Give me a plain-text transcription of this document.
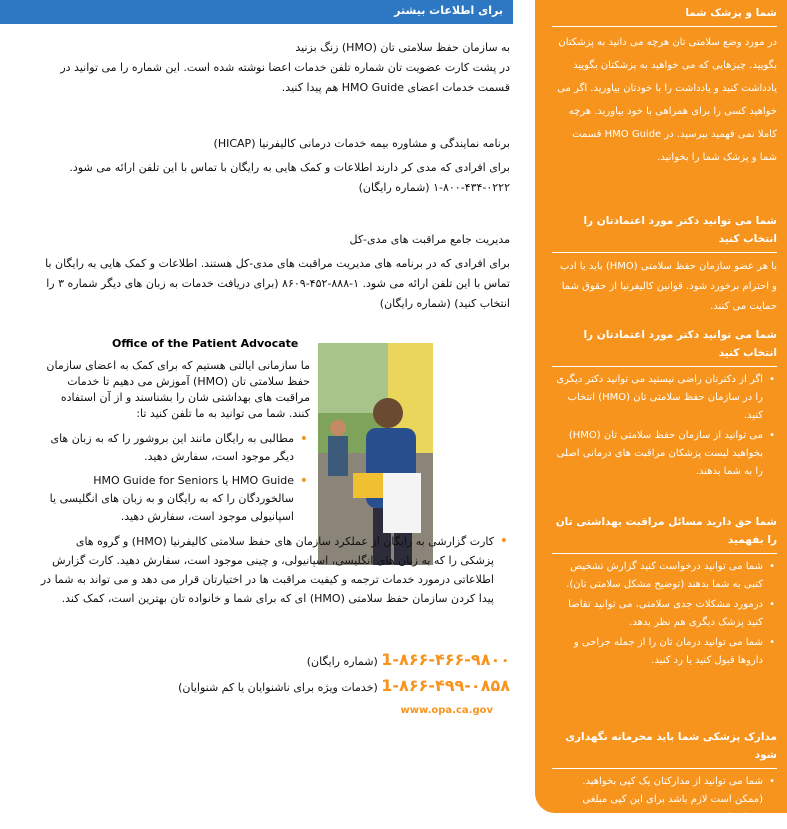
برای اطلاعات بیشتر
به سازمان حفظ سلامتی تان (HMO) زنگ بزنید
در پشت کارت عضویت تان شماره تلفن خدمات اعضا نوشته شده است. این شماره را می توانید در قسمت خدمات اعضای HMO Guide هم پیدا کنید.
برنامه نمایندگی و مشاوره بیمه خدمات درمانی کالیفرنیا (HICAP)
برای افرادی که مدی کر دارند اطلاعات و کمک هایی به رایگان با تماس با این تلفن ارائه می شود.
۱-۸۰۰-۴۳۴-۰۲۲۲ (شماره رایگان)
مدیریت جامع مراقبت های مدی-کل
برای افرادی که در برنامه های مدیریت مراقبت های مدی-کل هستند. اطلاعات و کمک هایی به رایگان با تماس با این تلفن ارائه می شود. ۱-۸۸۸-۴۵۲-۸۶۰۹ (برای دریافت خدمات به زبان های دیگر شماره ۳ را انتخاب کنید) (شماره رایگان)
Office of the Patient Advocate
ما سازمانی ایالتی هستیم که برای کمک به اعضای سازمان حفظ سلامتی تان (HMO) آموزش می دهیم تا خدمات مراقبت های بهداشتی شان را بشناسند و از آن استفاده کنند. شما می توانید به ما تلفن کنید تا:
• مطالبی به رایگان مانند این بروشور را که به زبان های دیگر موجود است، سفارش دهید.
• HMO Guide یا HMO Guide for Seniors سالخوردگان را که به رایگان و به زبان های انگلیسی یا اسپانیولی موجود است، سفارش دهید.
• کارت گزارشی به رایگان از عملکرد سازمان های حفظ سلامتی کالیفرنیا (HMO) و گروه های پزشکی را که به زبان های انگلیسی، اسپانیولی، و چینی موجود است، سفارش دهید. کارت گزارش اطلاعاتی درمورد خدمات ترجمه و کیفیت مراقبت ها در اختیارتان قرار می دهد و می تواند به شما در پیدا کردن سازمان حفظ سلامتی (HMO) ای که برای شما و خانواده تان بهترین است، کمک کند.
1-۸۶۶-۴۶۶-۹۸۰۰ (شماره رایگان)
1-۸۶۶-۴۹۹-۰۸۵۸ (خدمات ویژه برای ناشنوایان یا کم شنوایان)
www.opa.ca.gov
شما و پزشک شما
در مورد وضع سلامتی تان هرچه می دانید به پزشکتان بگویید. چیزهایی که می خواهید به پزشکتان بگویید یادداشت کنید و یادداشت را با خودتان بیاورید. اگر می خواهید کسی را برای همراهی با خود بیاورید. هرچه کاملا نمی فهمید بپرسید. در HMO Guide قسمت شما و پزشک شما را بخوانید.
شما می توانید دکتر مورد اعتمادتان را انتخاب کنید
با هر عضو سازمان حفظ سلامتی (HMO) باید با ادب و احترام برخورد شود. قوانین کالیفرنیا از حقوق شما حمایت می کنند.
شما می توانید دکتر مورد اعتمادتان را انتخاب کنید
• اگر از دکترتان راضی نیستید می توانید دکتر دیگری را در سازمان حفظ سلامتی تان (HMO) انتخاب کنید.
• می توانید از سازمان حفظ سلامتی تان (HMO) بخواهید لیست پزشکان مراقبت های درمانی اصلی را به شما بدهند.
شما حق دارید مسائل مراقبت بهداشتی تان را بفهمید
• شما می توانید درخواست کنید گزارش تشخیص کتبی به شما بدهند (توضیح مشکل سلامتی تان).
• درمورد مشکلات جدی سلامتی، می توانید تقاضا کنید پزشک دیگری هم نظر بدهد.
• شما می توانید درمان تان را از جمله جراحی و داروها قبول کنید یا رد کنید.
مدارک پزشکی شما باید محرمانه نگهداری شود
• شما می توانید از مدارکتان یک کپی بخواهید. (ممکن است لازم باشد برای این کپی مبلغی بپردازید).
